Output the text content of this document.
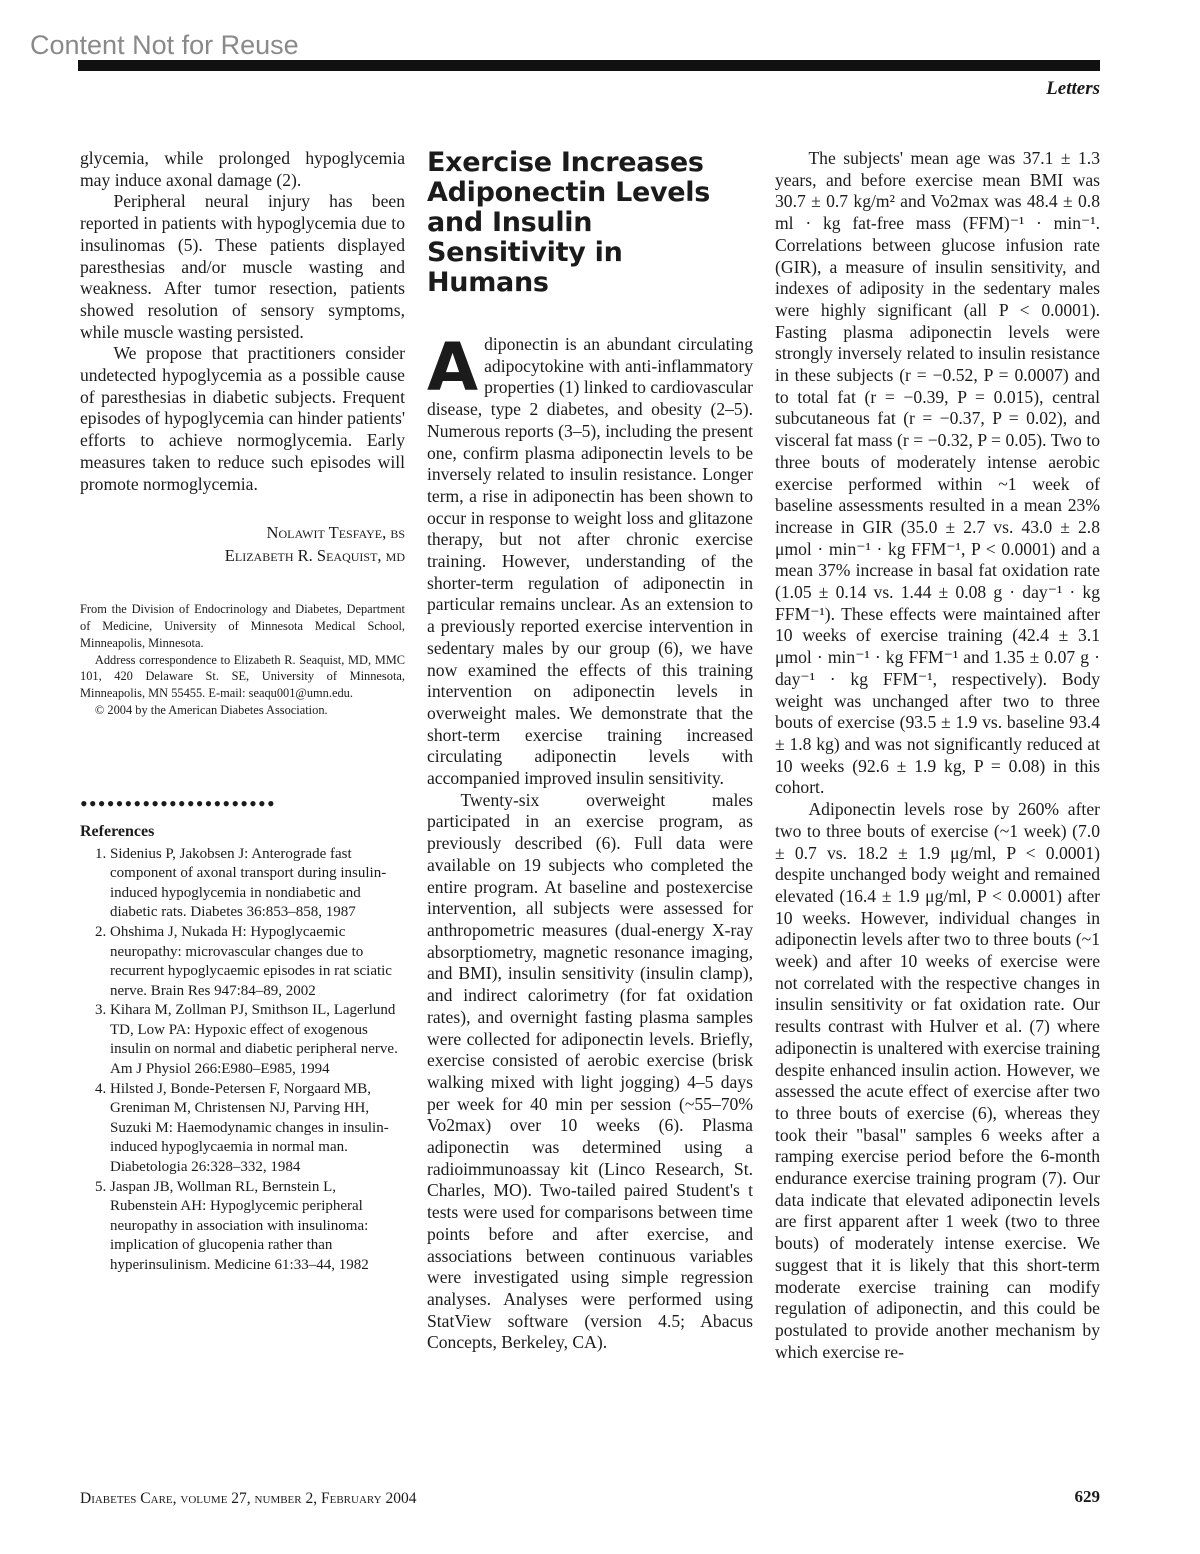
Content Not for Reuse
Letters

glycemia, while prolonged hypoglycemia may induce axonal damage (2).

Peripheral neural injury has been reported in patients with hypoglycemia due to insulinomas (5). These patients displayed paresthesias and/or muscle wasting and weakness. After tumor resection, patients showed resolution of sensory symptoms, while muscle wasting persisted.

We propose that practitioners consider undetected hypoglycemia as a possible cause of paresthesias in diabetic subjects. Frequent episodes of hypoglycemia can hinder patients' efforts to achieve normoglycemia. Early measures taken to reduce such episodes will promote normoglycemia.

Nolawit Tesfaye, bs
Elizabeth R. Seaquist, md

From the Division of Endocrinology and Diabetes, Department of Medicine, University of Minnesota Medical School, Minneapolis, Minnesota.

Address correspondence to Elizabeth R. Seaquist, MD, MMC 101, 420 Delaware St. SE, University of Minnesota, Minneapolis, MN 55455. E-mail: seaqu001@umn.edu.

© 2004 by the American Diabetes Association.

••••••••••••••••••••••
References
1. Sidenius P, Jakobsen J: Anterograde fast component of axonal transport during insulin-induced hypoglycemia in nondiabetic and diabetic rats. Diabetes 36:853–858, 1987
2. Ohshima J, Nukada H: Hypoglycaemic neuropathy: microvascular changes due to recurrent hypoglycaemic episodes in rat sciatic nerve. Brain Res 947:84–89, 2002
3. Kihara M, Zollman PJ, Smithson IL, Lagerlund TD, Low PA: Hypoxic effect of exogenous insulin on normal and diabetic peripheral nerve. Am J Physiol 266:E980–E985, 1994
4. Hilsted J, Bonde-Petersen F, Norgaard MB, Greniman M, Christensen NJ, Parving HH, Suzuki M: Haemodynamic changes in insulin-induced hypoglycaemia in normal man. Diabetologia 26:328–332, 1984
5. Jaspan JB, Wollman RL, Bernstein L, Rubenstein AH: Hypoglycemic peripheral neuropathy in association with insulinoma: implication of glucopenia rather than hyperinsulinism. Medicine 61:33–44, 1982
Exercise Increases Adiponectin Levels and Insulin Sensitivity in Humans

Adiponectin is an abundant circulating adipocytokine with anti-inflammatory properties (1) linked to cardiovascular disease, type 2 diabetes, and obesity (2–5). Numerous reports (3–5), including the present one, confirm plasma adiponectin levels to be inversely related to insulin resistance. Longer term, a rise in adiponectin has been shown to occur in response to weight loss and glitazone therapy, but not after chronic exercise training. However, understanding of the shorter-term regulation of adiponectin in particular remains unclear. As an extension to a previously reported exercise intervention in sedentary males by our group (6), we have now examined the effects of this training intervention on adiponectin levels in overweight males. We demonstrate that the short-term exercise training increased circulating adiponectin levels with accompanied improved insulin sensitivity.

Twenty-six overweight males participated in an exercise program, as previously described (6). Full data were available on 19 subjects who completed the entire program. At baseline and postexercise intervention, all subjects were assessed for anthropometric measures (dual-energy X-ray absorptiometry, magnetic resonance imaging, and BMI), insulin sensitivity (insulin clamp), and indirect calorimetry (for fat oxidation rates), and overnight fasting plasma samples were collected for adiponectin levels. Briefly, exercise consisted of aerobic exercise (brisk walking mixed with light jogging) 4–5 days per week for 40 min per session (~55–70% Vo2max) over 10 weeks (6). Plasma adiponectin was determined using a radioimmunoassay kit (Linco Research, St. Charles, MO). Two-tailed paired Student's t tests were used for comparisons between time points before and after exercise, and associations between continuous variables were investigated using simple regression analyses. Analyses were performed using StatView software (version 4.5; Abacus Concepts, Berkeley, CA).

The subjects' mean age was 37.1 ± 1.3 years, and before exercise mean BMI was 30.7 ± 0.7 kg/m² and Vo2max was 48.4 ± 0.8 ml · kg fat-free mass (FFM)⁻¹ · min⁻¹. Correlations between glucose infusion rate (GIR), a measure of insulin sensitivity, and indexes of adiposity in the sedentary males were highly significant (all P < 0.0001). Fasting plasma adiponectin levels were strongly inversely related to insulin resistance in these subjects (r = −0.52, P = 0.0007) and to total fat (r = −0.39, P = 0.015), central subcutaneous fat (r = −0.37, P = 0.02), and visceral fat mass (r = −0.32, P = 0.05). Two to three bouts of moderately intense aerobic exercise performed within ~1 week of baseline assessments resulted in a mean 23% increase in GIR (35.0 ± 2.7 vs. 43.0 ± 2.8 μmol · min⁻¹ · kg FFM⁻¹, P < 0.0001) and a mean 37% increase in basal fat oxidation rate (1.05 ± 0.14 vs. 1.44 ± 0.08 g · day⁻¹ · kg FFM⁻¹). These effects were maintained after 10 weeks of exercise training (42.4 ± 3.1 μmol · min⁻¹ · kg FFM⁻¹ and 1.35 ± 0.07 g · day⁻¹ · kg FFM⁻¹, respectively). Body weight was unchanged after two to three bouts of exercise (93.5 ± 1.9 vs. baseline 93.4 ± 1.8 kg) and was not significantly reduced at 10 weeks (92.6 ± 1.9 kg, P = 0.08) in this cohort.

Adiponectin levels rose by 260% after two to three bouts of exercise (~1 week) (7.0 ± 0.7 vs. 18.2 ± 1.9 μg/ml, P < 0.0001) despite unchanged body weight and remained elevated (16.4 ± 1.9 μg/ml, P < 0.0001) after 10 weeks. However, individual changes in adiponectin levels after two to three bouts (~1 week) and after 10 weeks of exercise were not correlated with the respective changes in insulin sensitivity or fat oxidation rate. Our results contrast with Hulver et al. (7) where adiponectin is unaltered with exercise training despite enhanced insulin action. However, we assessed the acute effect of exercise after two to three bouts of exercise (6), whereas they took their "basal" samples 6 weeks after a ramping exercise period before the 6-month endurance exercise training program (7). Our data indicate that elevated adiponectin levels are first apparent after 1 week (two to three bouts) of moderately intense exercise. We suggest that it is likely that this short-term moderate exercise training can modify regulation of adiponectin, and this could be postulated to provide another mechanism by which exercise re-

Diabetes Care, volume 27, number 2, February 2004	629
